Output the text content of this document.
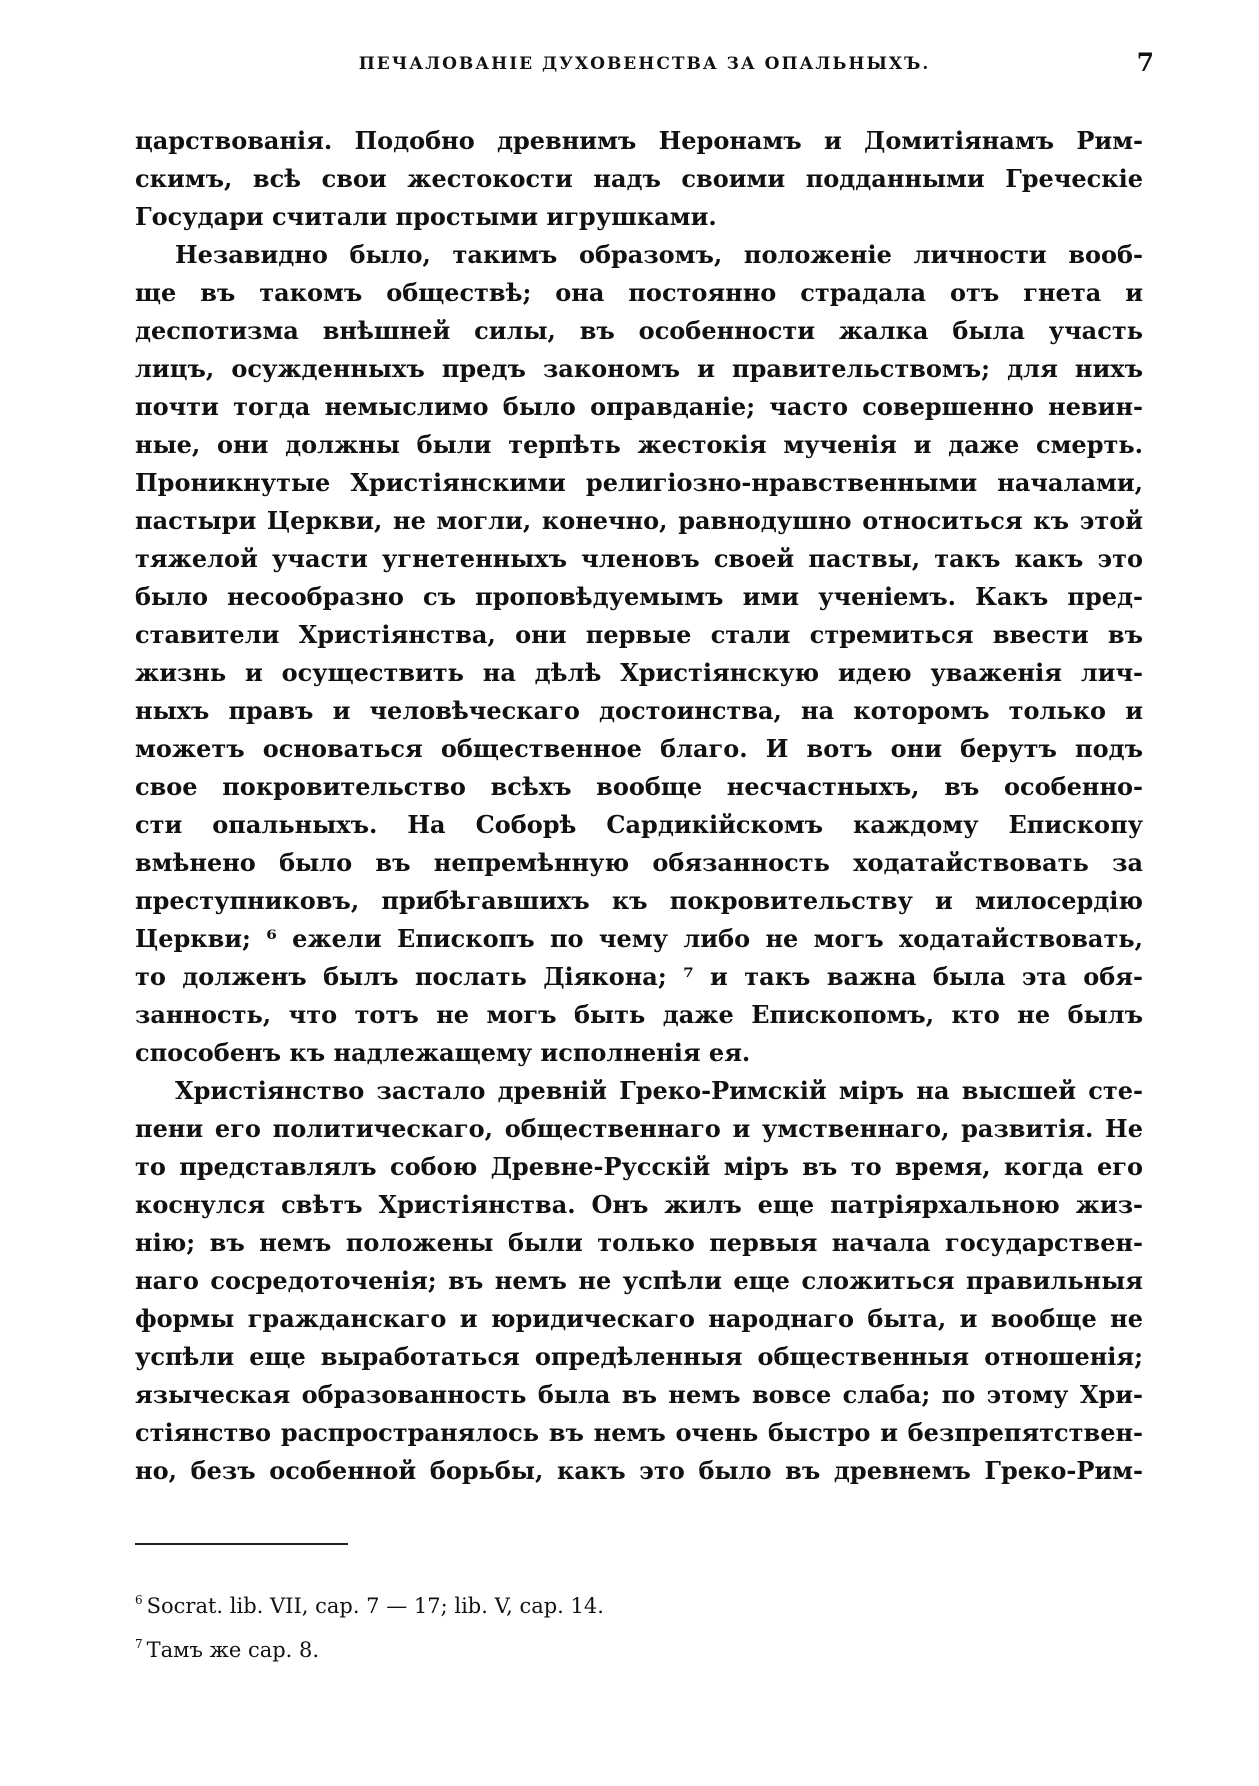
ПЕЧАЛОВАНІЕ ДУХОВЕНСТВА ЗА ОПАЛЬНЫХЪ.	7
царствованія. Подобно древнимъ Неронамъ и Домитіянамъ Рим-
скимъ, всѣ свои жестокости надъ своими подданными Греческіе
Государи считали простыми игрушками.
Незавидно было, такимъ образомъ, положеніе личности вооб-
ще въ такомъ обществѣ; она постоянно страдала отъ гнета и
деспотизма внѣшней силы, въ особенности жалка была участь
лицъ, осужденныхъ предъ закономъ и правительствомъ; для нихъ
почти тогда немыслимо было оправданіе; часто совершенно невин-
ные, они должны были терпѣть жестокія мученія и даже смерть.
Проникнутые Христіянскими религіозно-нравственными началами,
пастыри Церкви, не могли, конечно, равнодушно относиться къ этой
тяжелой участи угнетенныхъ членовъ своей паствы, такъ какъ это
было несообразно съ проповѣдуемымъ ими ученіемъ. Какъ пред-
ставители Христіянства, они первые стали стремиться ввести въ
жизнь и осуществить на дѣлѣ Христіянскую идею уваженія лич-
ныхъ правъ и человѣческаго достоинства, на которомъ только и
можетъ основаться общественное благо. И вотъ они берутъ подъ
свое покровительство всѣхъ вообще несчастныхъ, въ особенно-
сти опальныхъ. На Соборѣ Сардикійскомъ каждому Епископу
вмѣнено было въ непремѣнную обязанность ходатайствовать за
преступниковъ, прибѣгавшихъ къ покровительству и милосердію
Церкви; ⁶ ежели Епископъ по чему либо не могъ ходатайствовать,
то долженъ былъ послать Діякона; ⁷ и такъ важна была эта обя-
занность, что тотъ не могъ быть даже Епископомъ, кто не былъ
способенъ къ надлежащему исполненія ея.
Христіянство застало древній Греко-Римскій міръ на высшей сте-
пени его политическаго, общественнаго и умственнаго, развитія. Не
то представлялъ собою Древне-Русскій міръ въ то время, когда его
коснулся свѣтъ Христіянства. Онъ жилъ еще патріярхальною жиз-
нію; въ немъ положены были только первыя начала государствен-
наго сосредоточенія; въ немъ не успѣли еще сложиться правильныя
формы гражданскаго и юридическаго народнаго быта, и вообще не
успѣли еще выработаться опредѣленныя общественныя отношенія;
языческая образованность была въ немъ вовсе слаба; по этому Хри-
стіянство распространялось въ немъ очень быстро и безпрепятствен-
но, безъ особенной борьбы, какъ это было въ древнемъ Греко-Рим-
$^6$ Socrat. lib. VII, cap. 7 — 17; lib. V, cap. 14.
$^7$ Тамъ же cap. 8.
